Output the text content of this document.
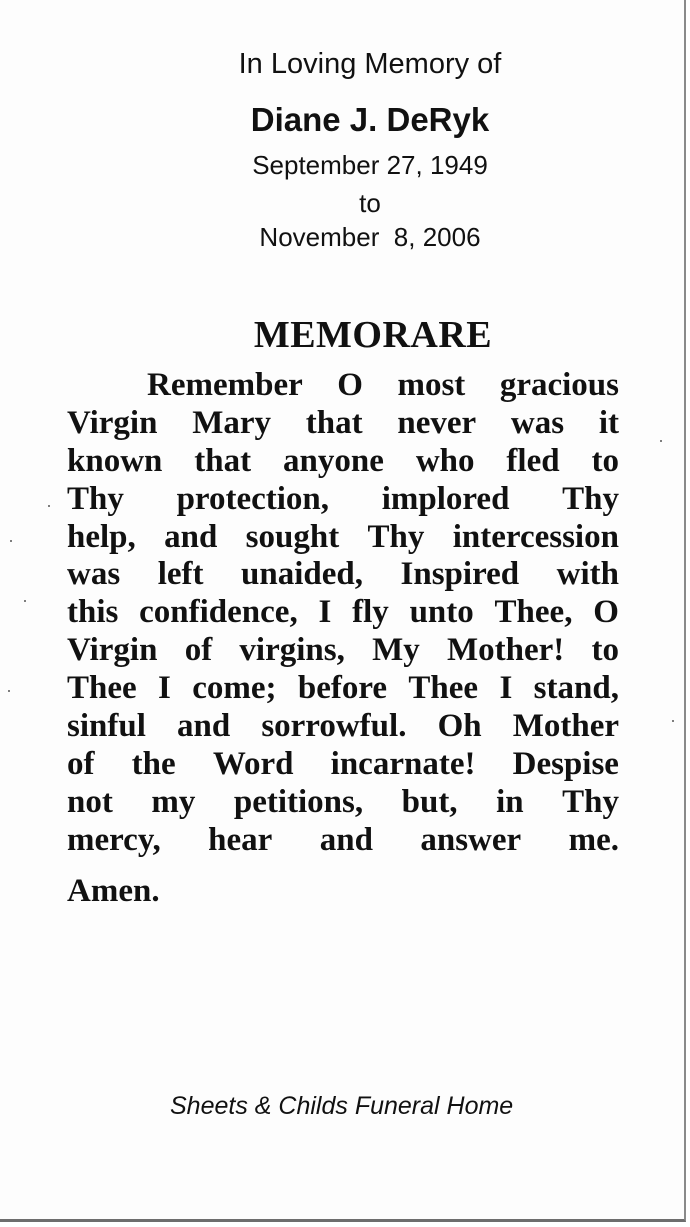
In Loving Memory of
Diane J. DeRyk
September 27, 1949
to
November  8, 2006
MEMORARE
Remember O most gracious
Virgin Mary that never was it
known that anyone who fled to
Thy protection, implored Thy
help, and sought Thy intercession
was left unaided, Inspired with
this confidence, I fly unto Thee, O
Virgin of virgins, My Mother! to
Thee I come; before Thee I stand,
sinful and sorrowful. Oh Mother
of the Word incarnate! Despise
not my petitions, but, in Thy
mercy, hear and answer me.
Amen.
Sheets & Childs Funeral Home
